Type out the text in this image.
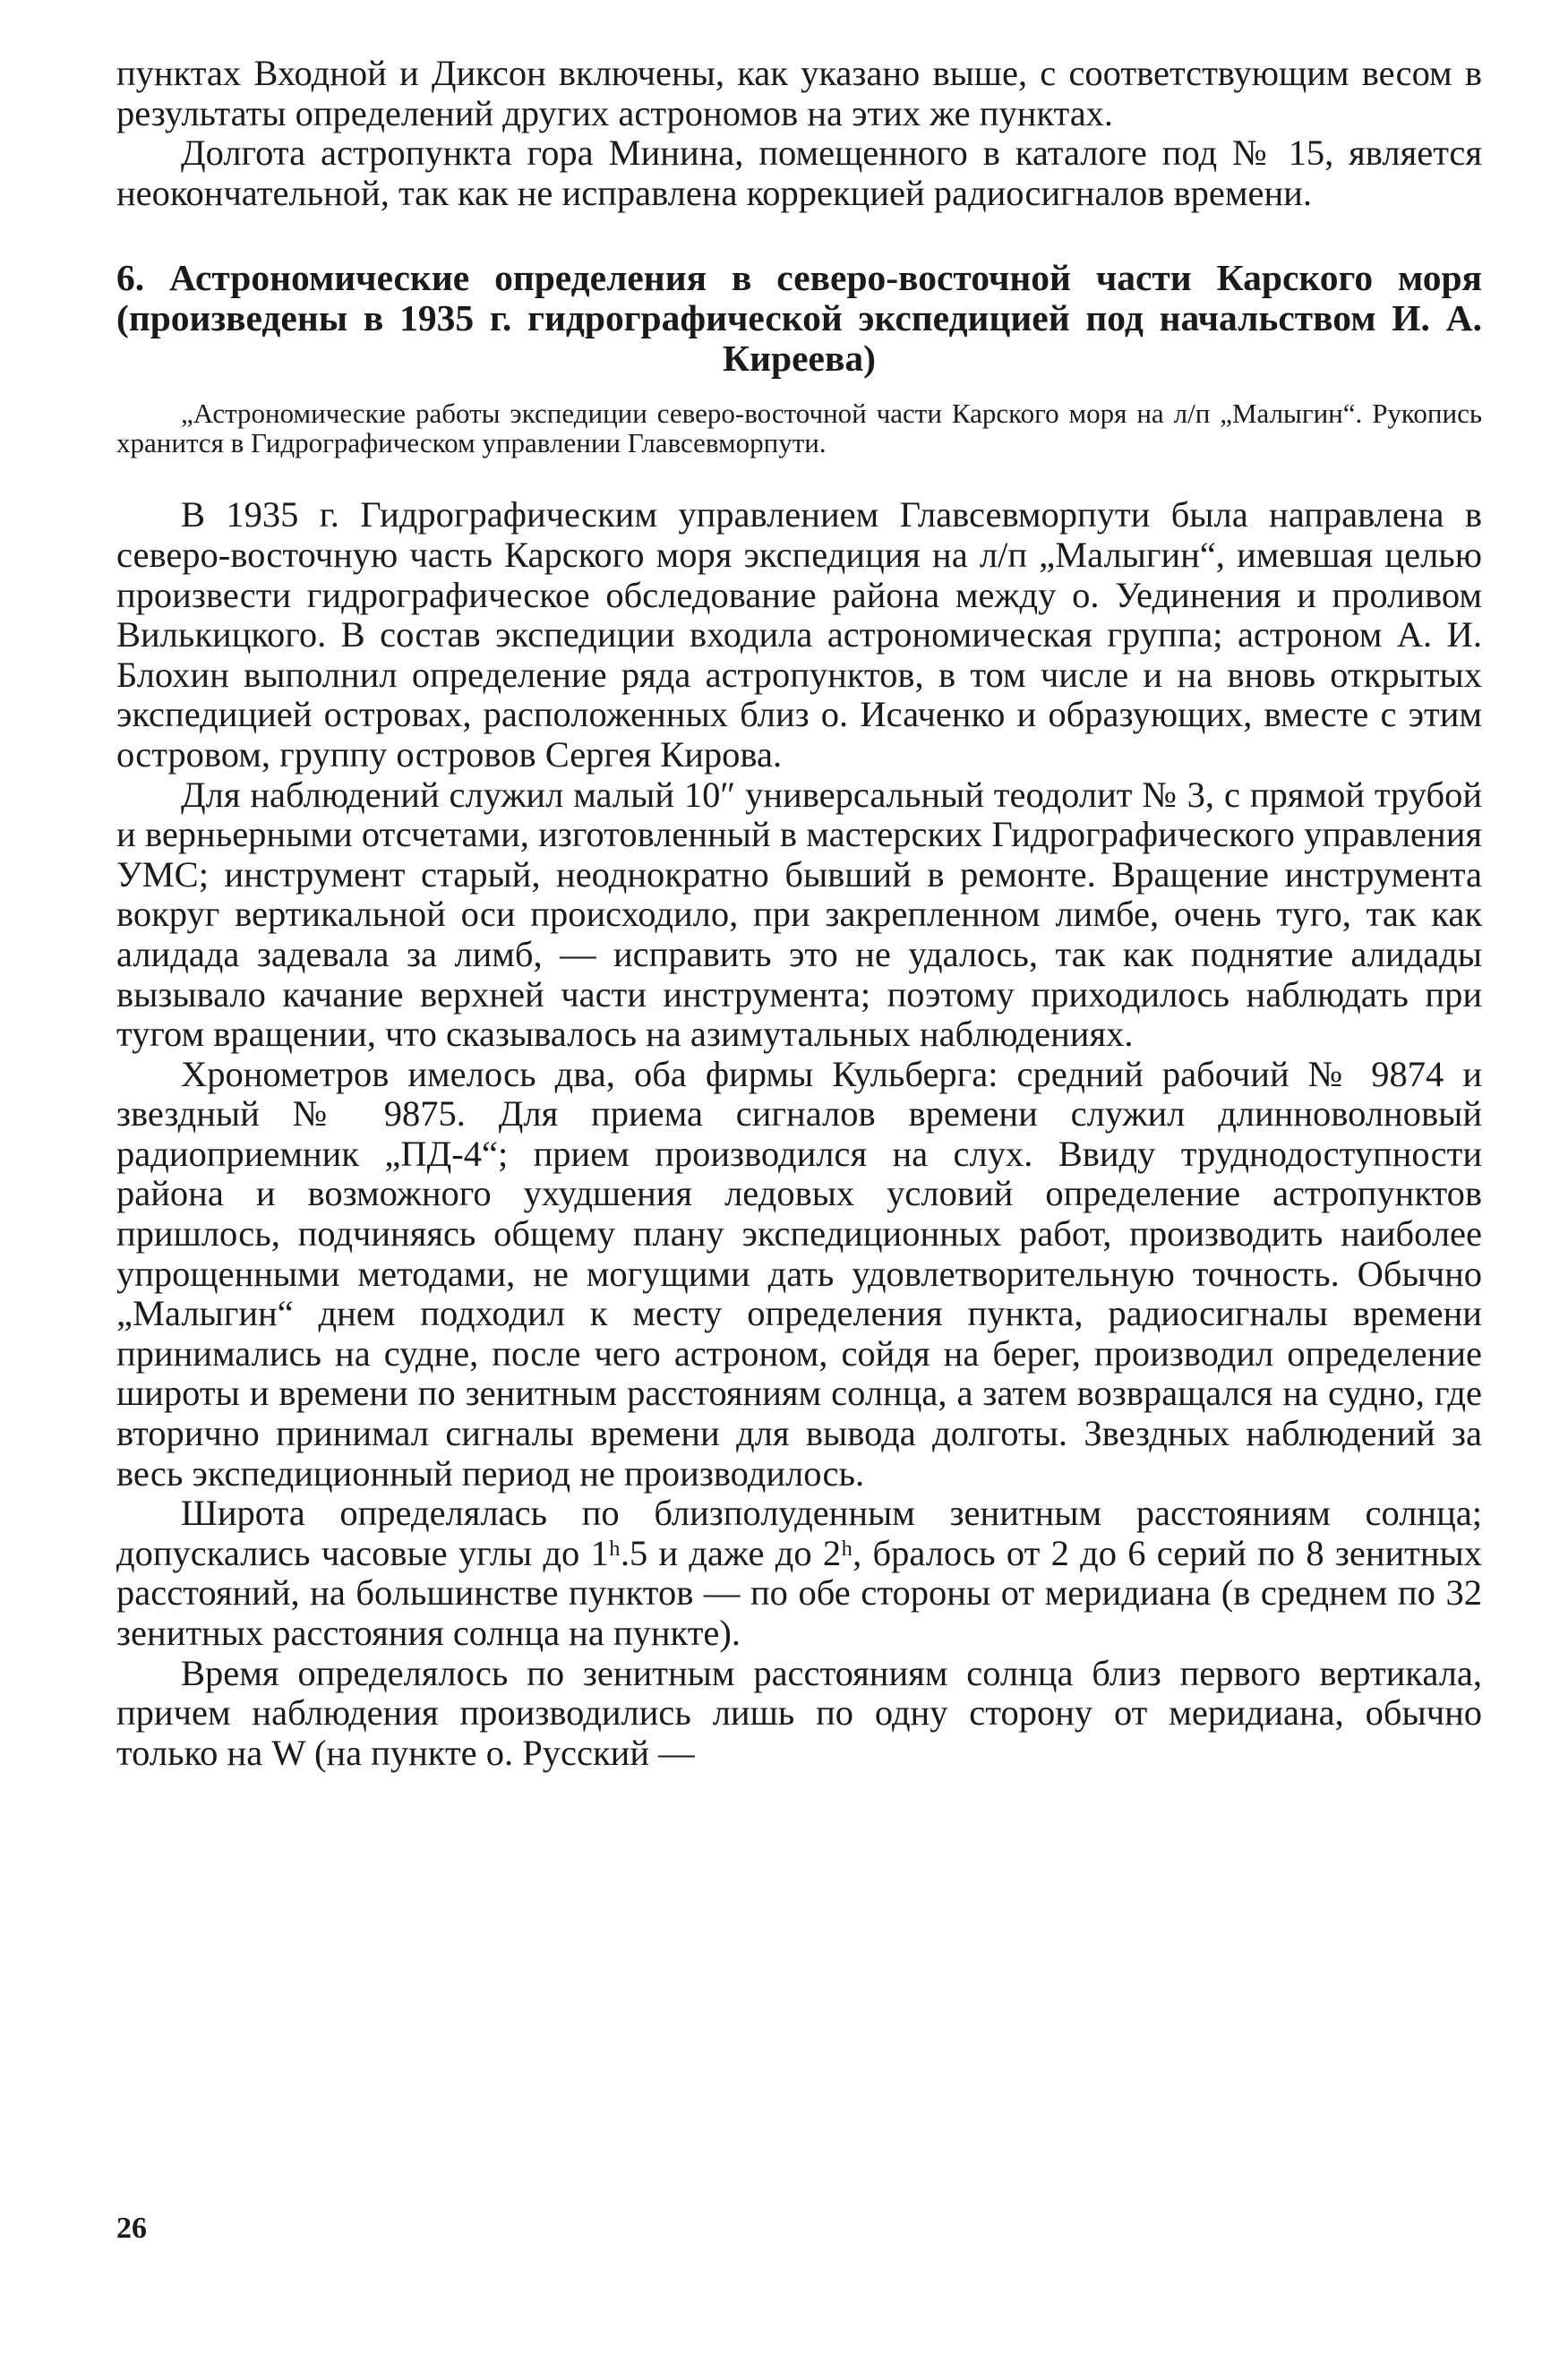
пунктах Входной и Диксон включены, как указано выше, с соответствующим весом в результаты определений других астрономов на этих же пунктах.

Долгота астропункта гора Минина, помещенного в каталоге под № 15, является неокончательной, так как не исправлена коррекцией радиосигналов времени.

6. Астрономические определения в северо-восточной части Карского моря (произведены в 1935 г. гидрографической экспедицией под начальством И. А. Киреева)

„Астрономические работы экспедиции северо-восточной части Карского моря на л/п „Малыгин“. Рукопись хранится в Гидрографическом управлении Главсевморпути.

В 1935 г. Гидрографическим управлением Главсевморпути была направлена в северо-восточную часть Карского моря экспедиция на л/п „Малыгин“, имевшая целью произвести гидрографическое обследование района между о. Уединения и проливом Вилькицкого. В состав экспедиции входила астрономическая группа; астроном А. И. Блохин выполнил определение ряда астропунктов, в том числе и на вновь открытых экспедицией островах, расположенных близ о. Исаченко и образующих, вместе с этим островом, группу островов Сергея Кирова.

Для наблюдений служил малый 10″ универсальный теодолит № 3, с прямой трубой и верньерными отсчетами, изготовленный в мастерских Гидрографического управления УМС; инструмент старый, неоднократно бывший в ремонте. Вращение инструмента вокруг вертикальной оси происходило, при закрепленном лимбе, очень туго, так как алидада задевала за лимб, — исправить это не удалось, так как поднятие алидады вызывало качание верхней части инструмента; поэтому приходилось наблюдать при тугом вращении, что сказывалось на азимутальных наблюдениях.

Хронометров имелось два, оба фирмы Кульберга: средний рабочий № 9874 и звездный № 9875. Для приема сигналов времени служил длинноволновый радиоприемник „ПД-4“; прием производился на слух. Ввиду труднодоступности района и возможного ухудшения ледовых условий определение астропунктов пришлось, подчиняясь общему плану экспедиционных работ, производить наиболее упрощенными методами, не могущими дать удовлетворительную точность. Обычно „Малыгин“ днем подходил к месту определения пункта, радиосигналы времени принимались на судне, после чего астроном, сойдя на берег, производил определение широты и времени по зенитным расстояниям солнца, а затем возвращался на судно, где вторично принимал сигналы времени для вывода долготы. Звездных наблюдений за весь экспедиционный период не производилось.

Широта определялась по близполуденным зенитным расстояниям солнца; допускались часовые углы до 1ʰ.5 и даже до 2ʰ, бралось от 2 до 6 серий по 8 зенитных расстояний, на большинстве пунктов — по обе стороны от меридиана (в среднем по 32 зенитных расстояния солнца на пункте).

Время определялось по зенитным расстояниям солнца близ первого вертикала, причем наблюдения производились лишь по одну сторону от меридиана, обычно только на W (на пункте о. Русский —

26
